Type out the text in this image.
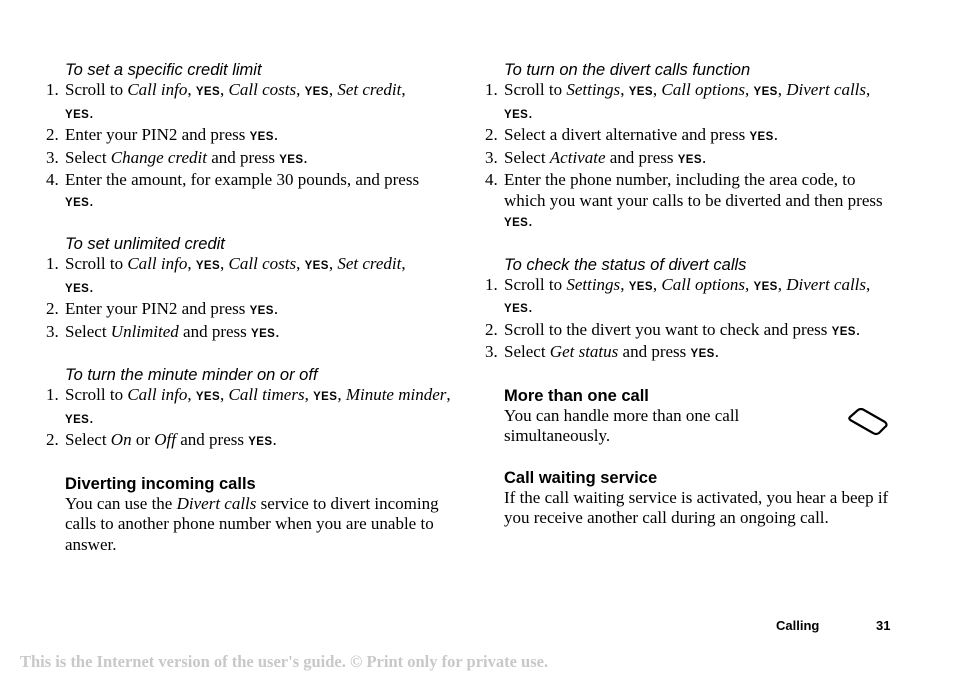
To set a specific credit limit
1. Scroll to Call info, YES, Call costs, YES, Set credit,
YES.
2. Enter your PIN2 and press YES.
3. Select Change credit and press YES.
4. Enter the amount, for example 30 pounds, and press
YES.
To set unlimited credit
1. Scroll to Call info, YES, Call costs, YES, Set credit,
YES.
2. Enter your PIN2 and press YES.
3. Select Unlimited and press YES.
To turn the minute minder on or off
1. Scroll to Call info, YES, Call timers, YES, Minute minder, YES.
2. Select On or Off and press YES.
Diverting incoming calls
You can use the Divert calls service to divert incoming calls to another phone number when you are unable to answer.
To turn on the divert calls function
1. Scroll to Settings, YES, Call options, YES, Divert calls, YES.
2. Select a divert alternative and press YES.
3. Select Activate and press YES.
4. Enter the phone number, including the area code, to which you want your calls to be diverted and then press YES.
To check the status of divert calls
1. Scroll to Settings, YES, Call options, YES, Divert calls, YES.
2. Scroll to the divert you want to check and press YES.
3. Select Get status and press YES.
More than one call
You can handle more than one call simultaneously.
Call waiting service
If the call waiting service is activated, you hear a beep if you receive another call during an ongoing call.
Calling	31
This is the Internet version of the user's guide. © Print only for private use.
